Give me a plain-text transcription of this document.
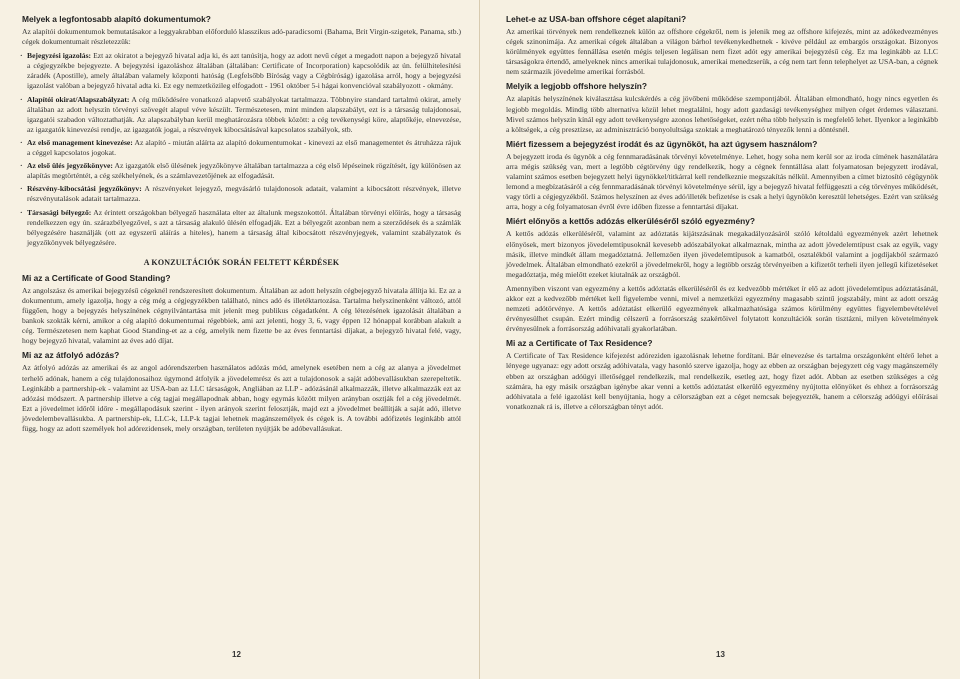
Melyek a legfontosabb alapító dokumentumok?

Az alapítói dokumentumok bemutatásakor a leggyakrabban előforduló klasszikus adó-paradicsomi (Bahama, Brit Virgin-szigetek, Panama, stb.) cégek dokumentumait részletezzük:

· Bejegyzési igazolás: Ezt az okiratot a bejegyző hivatal adja ki, és azt tanúsítja, hogy az adott nevű céget a megadott napon a bejegyző hivatal a cégjegyzékbe bejegyezte. A bejegyzési igazoláshoz általában (általában: Certificate of Incorporation) kapcsolódik az ún. felülhitelesítési záradék (Apostille), amely általában valamely központi hatóság (Legfelsőbb Bíróság vagy a Cégbíróság) igazolása arról, hogy a bejegyzési igazolást valóban a bejegyző hivatal adta ki. Ez egy nemzetközileg elfogadott - 1961 október 5-i hágai konvencióval szabályozott - okmány.

· Alapítói okirat/Alapszabályzat: A cég működésére vonatkozó alapvető szabályokat tartalmazza. Többnyire standard tartalmú okirat, amely általában az adott helyszín törvényi szövegét alapul véve készült. Természetesen, mint minden alapszabályt, ezt is a társaság tulajdonosai, igazgatói szabadon változtathatják. Az alapszabályban kerül meghatározásra többek között: a cég tevékenységi köre, alaptőkéje, elnevezése, az igazgatók kinevezési rendje, az igazgatók jogai, a részvények kibocsátásával kapcsolatos szabályok, stb.

· Az első management kinevezése: Az alapító - miután aláírta az alapító dokumentumokat - kinevezi az első managementet és átruházza rájuk a céggel kapcsolatos jogokat.

· Az első ülés jegyzőkönyve: Az igazgatók első ülésének jegyzőkönyve általában tartalmazza a cég első lépéseinek rögzítését, így különösen az alapítás megtörténtét, a cég székhelyének, és a számlavezetőjének az elfogadását.

· Részvény-kibocsátási jegyzőkönyv: A részvényeket lejegyző, megvásárló tulajdonosok adatait, valamint a kibocsátott részvények, illetve részvényutalások adatait tartalmazza.

· Társasági bélyegző: Az érintett országokban bélyegző használata elter az általunk megszokottól. Általában törvényi előírás, hogy a társaság rendelkezzen egy ún. szárazbélyegzővel, s azt a társaság alakuló ülésén elfogadják. Ezt a bélyegzőt azonban nem a szerződések és a számlák bélyegzésére használják (ott az egyszerű aláírás a hiteles), hanem a társaság által kibocsátott részvényjegyek, valamint szabályzatok és jegyzőkönyvek bélyegzésére.

A KONZULTÁCIÓK SORÁN FELTETT KÉRDÉSEK
Mi az a Certificate of Good Standing?

Az angolszász és amerikai bejegyzésű cégeknél rendszeresített dokumentum. Általában az adott helyszín cégbejegyző hivatala állítja ki. Ez az a dokumentum, amely igazolja, hogy a cég még a cégjegyzékben található, nincs adó és illetéktartozása. Tartalma helyszínenként változó, attól függően, hogy a bejegyzés helyszínének cégnyilvántartása mit jelenít meg publikus cégadatként. A cég létezésének igazolását általában a bankok szokták kérni, amikor a cég alapító dokumentumai régebbiek, ami azt jelenti, hogy 3, 6, vagy éppen 12 hónappal korábban alakult a cég. Természetesen nem kaphat Good Standing-et az a cég, amelyik nem fizette be az éves fenntartási díjakat, a bejegyző hivatal felé, vagy, hogy bejegyző hivatal, valamint az éves adó díjat.

Mi az az átfolyó adózás?

Az átfolyó adózás az amerikai és az angol adórendszerben használatos adózás mód, amelynek esetében nem a cég az alanya a jövedelmet terhelő adónak, hanem a cég tulajdonosaihoz úgymond átfolyik a jövedelemrész és azt a tulajdonosok a saját adóbevallásukban szerepeltetik. Leginkább a partnership-ek - valamint az USA-ban az LLC társaságok, Angliában az LLP - adózásánál alkalmazzák, illetve alkalmazzák ezt az adózási módszert. A partnership illetve a cég tagjai megállapodnak abban, hogy egymás között milyen arányban osztják fel a cég jövedelmét. Ezt a jövedelmet időről időre - megállapodásuk szerint - ilyen arányok szerint felosztják, majd ezt a jövedelmet beállítják a saját adó, illetve jövedelembevallásukba. A partnership-ek, LLC-k, LLP-k tagjai lehetnek magánszemélyek és cégek is. A további adófizetés leginkább attól függ, hogy az adott személyek hol adórezidensek, mely országban, területen nyújtják be adóbevallásukat.

12
Lehet-e az USA-ban offshore céget alapítani?

Az amerikai törvények nem rendelkeznek külön az offshore cégekről, nem is jelenik meg az offshore kifejezés, mint az adókedvezményes cégek szinonimája. Az amerikai cégek általában a világon bárhol tevékenykedhetnek - kivéve például az embargós országokat. Bizonyos körülmények együttes fennállása esetén mégis teljesen legálisan nem fizet adót egy amerikai bejegyzésű cég. Ez ma leginkább az LLC társaságokra értendő, amelyeknek nincs amerikai tulajdonosuk, amerikai menedzserük, a cég nem tart fenn telephelyet az USA-ban, a cégnek nem származik jövedelme amerikai forrásból.

Melyik a legjobb offshore helyszín?

Az alapítás helyszínének kiválasztása kulcskérdés a cég jövőbeni működése szempontjából. Általában elmondható, hogy nincs egyetlen és legjobb megoldás. Mindig több alternatíva közül lehet megtalálni, hogy adott gazdasági tevékenységhez milyen céget érdemes választani. Mivel számos helyszín kínál egy adott tevékenységre azonos lehetőségeket, ezért néha több helyszín is megfelelő lehet. Ilyenkor a leginkább a költségek, a cég presztízse, az adminisztráció bonyolultsága szoktak a meghatározó tényezők lenni a döntésnél.

Miért fizessem a bejegyzést irodát és az ügynököt, ha azt úgysem használom?

A bejegyzett iroda és ügynök a cég fennmaradásának törvényi követelménye. Lehet, hogy soha nem kerül sor az iroda címének használatára arra mégis szükség van, mert a legtöbb cégtörvény úgy rendelkezik, hogy a cégnek fenntállása alatt folyamatosan bejegyzett irodával, valamint számos esetben bejegyzett helyi ügynökkel/titkárral kell rendelkeznie megszakítás nélkül. Amennyiben a címet biztosító cégügynök lemond a megbízatásáról a cég fennmaradásának törvényi követelménye sérül, így a bejegyző hivatal felfüggeszti a cég törvényes működését, vagy törli a cégjegyzékből. Számos helyszínen az éves adó/illeték befizetése is csak a helyi ügynökön keresztül lehetséges. Ezért van szükség arra, hogy a cég folyamatosan évről évre időben fizesse a fenntartási díjakat.

Miért előnyös a kettős adózás elkerüléséről szóló egyezmény?

A kettős adózás elkerüléséről, valamint az adóztatás kijátszásának megakadályozásáról szóló kétoldalú egyezmények azért lehetnek előnyösek, mert bizonyos jövedelemtípusoknál kevesebb adószabályokat alkalmaznak, mintha az adott jövedelemtípust csak az egyik, vagy másik, illetve mindkét állam megadóztatná. Jellemzően ilyen jövedelemtípusok a kamatból, osztalékból valamint a jogdíjakból származó jövedelmek. Általában elmondható ezekről a jövedelmekről, hogy a legtöbb ország törvényeiben a kifizetőt terheli ilyen jellegű kifizetéseket megadóztatja, még mielőtt ezeket kiutalnák az országból.

Amennyiben viszont van egyezmény a kettős adóztatás elkerüléséről és ez kedvezőbb mértéket ír elő az adott jövedelemtípus adóztatásánál, akkor ezt a kedvezőbb mértéket kell figyelembe venni, mivel a nemzetközi egyezmény magasabb szintű jogszabály, mint az adott ország nemzeti adótörvénye. A kettős adóztatást elkerülő egyezmények alkalmazhatósága számos körülmény együttes figyelembevételével érvényesülhet csupán. Ezért mindig célszerű a forrásország szakértőivel folytatott konzultációk során tisztázni, milyen követelmények érvényesülnek a forrásország adóhivatali gyakorlatában.

Mi az a Certificate of Tax Residence?

A Certificate of Tax Residence kifejezést adóreziden igazolásnak lehetne fordítani. Bár elnevezése és tartalma országonként eltérő lehet a lényege ugyanaz: egy adott ország adóhivatala, vagy hasonló szerve igazolja, hogy az ebben az országban bejegyzett cég vagy magánszemély ebben az országban adóügyi illetőséggel rendelkezik, mal rendelkezik, esetleg azt, hogy fizet adót. Abban az esetben szükséges a cég számára, ha egy másik országban igénybe akar venni a kettős adóztatást elkerülő egyezmény nyújtotta előnyöket és ehhez a forrásország adóhivatala a felé igazolást kell benyújtania, hogy a célországban ezt a céget nemcsak bejegyezték, hanem a célország adóügyi előírásai vonatkoznak rá is, illetve a célországban tényt adót.

13
